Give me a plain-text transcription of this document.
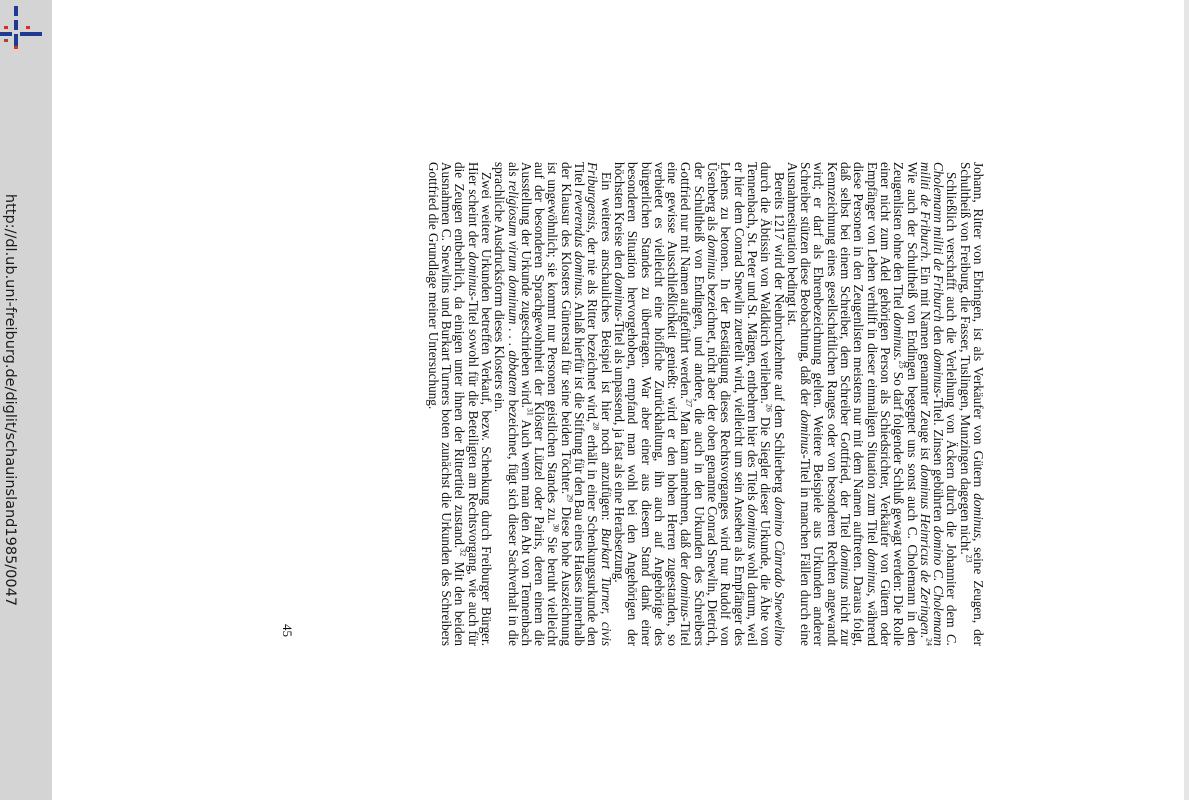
http://dl.ub.uni-freiburg.de/diglit/schauinsland1985/0047	Johann, Ritter von Ebringen, ist als Verkäufer von Gütern dominus, seine Zeugen, der Schultheiß von Freiburg, die Fasser, Tuslingen, Munzingen dagegen nicht.$^{23}$

Schließlich verschafft auch die Verleihung von Äckern durch die Johanniter dem C. Cholemann militi de Friburch den dominus-Titel. Zinsen gebührten domino C. Cholemann militi de Friburch. Ein mit Namen genannter Zeuge ist dominus Heinricus de Zeringen.$^{24}$ Wie auch der Schultheiß von Endingen begegnet uns sonst auch C. Cholemann in den Zeugenlisten ohne den Titel dominus.$^{25}$ So darf folgender Schluß gewagt werden: Die Rolle einer nicht zum Adel gehörigen Person als Schiedsrichter, Verkäufer von Gütern oder Empfänger von Lehen verhilft in dieser einmaligen Situation zum Titel dominus, während diese Personen in den Zeugenlisten meistens nur mit dem Namen auftreten. Daraus folgt, daß selbst bei einem Schreiber, dem Schreiber Gottfried, der Titel dominus nicht zur Kennzeichnung eines gesellschaftlichen Ranges oder von besonderen Rechten angewandt wird; er darf als Ehrenbezeichnung gelten. Weitere Beispiele aus Urkunden anderer Schreiber stützen diese Beobachtung, daß der dominus-Titel in manchen Fällen durch eine Ausnahmesituation bedingt ist.

Bereits 1217 wird der Neubruchzehnte auf dem Schlierberg domino Cůnrado Snewelino durch die Äbtissin von Waldkirch verliehen.$^{26}$ Die Siegler dieser Urkunde, die Äbte von Tennenbach, St. Peter und St. Märgen, entbehren hier des Titels dominus wohl darum, weil er hier dem Conrad Snewlin zuerteilt wird, vielleicht um sein Ansehen als Empfänger des Lehens zu betonen. In der Bestätigung dieses Rechtsvorganges wird nur Rudolf von Üsenberg als dominus bezeichnet, nicht aber der oben genannte Conrad Snewlin, Dietrich, der Schultheiß von Endingen, und andere, die auch in den Urkunden des Schreibers Gottfried nur mit Namen aufgeführt werden.$^{27}$ Man kann annehmen, daß der dominus-Titel eine gewisse Ausschließlichkeit genießt: wird er den hohen Herren zugestanden, so verbietet es vielleicht eine höfliche Zurückhaltung, ihn auch auf Angehörige des bürgerlichen Standes zu übertragen. War aber einer aus diesem Stand dank einer besonderen Situation hervorgehoben, empfand man wohl bei den Angehörigen der höchsten Kreise den dominus-Titel als unpassend, ja fast als eine Herabsetzung.

Ein weiteres anschauliches Beispiel ist hier noch anzufügen: Burkart Turner, civis Friburgensis, der nie als Ritter bezeichnet wird,$^{28}$ erhält in einer Schenkungsurkunde den Titel reverendus dominus. Anlaß hierfür ist die Stiftung für den Bau eines Hauses innerhalb der Klausur des Klosters Günterstal für seine beiden Töchter.$^{29}$ Diese hohe Auszeichnung ist ungewöhnlich; sie kommt nur Personen geistlichen Standes zu.$^{30}$ Sie beruht vielleicht auf der besonderen Sprachgewohnheit der Klöster Lützel oder Pairis, deren einem die Ausstellung der Urkunde zugeschrieben wird.$^{31}$ Auch wenn man den Abt von Tennenbach als religiosum virum dominum . . . abbatem bezeichnet, fügt sich dieser Sachverhalt in die sprachliche Ausdrucksform dieses Klosters ein.

Zwei weitere Urkunden betreffen Verkauf, bezw. Schenkung durch Freiburger Bürger. Hier scheint der dominus-Titel sowohl für die Beteiligten am Rechtsvorgang, wie auch für die Zeugen entbehrlich, da einigen unter ihnen der Rittertitel zustand.$^{32}$ Mit den beiden Ausnahmen C. Snewlins und Burkart Turners boten zunächst die Urkunden des Schreibers Gottfried die Grundlage meiner Untersuchung.

45
